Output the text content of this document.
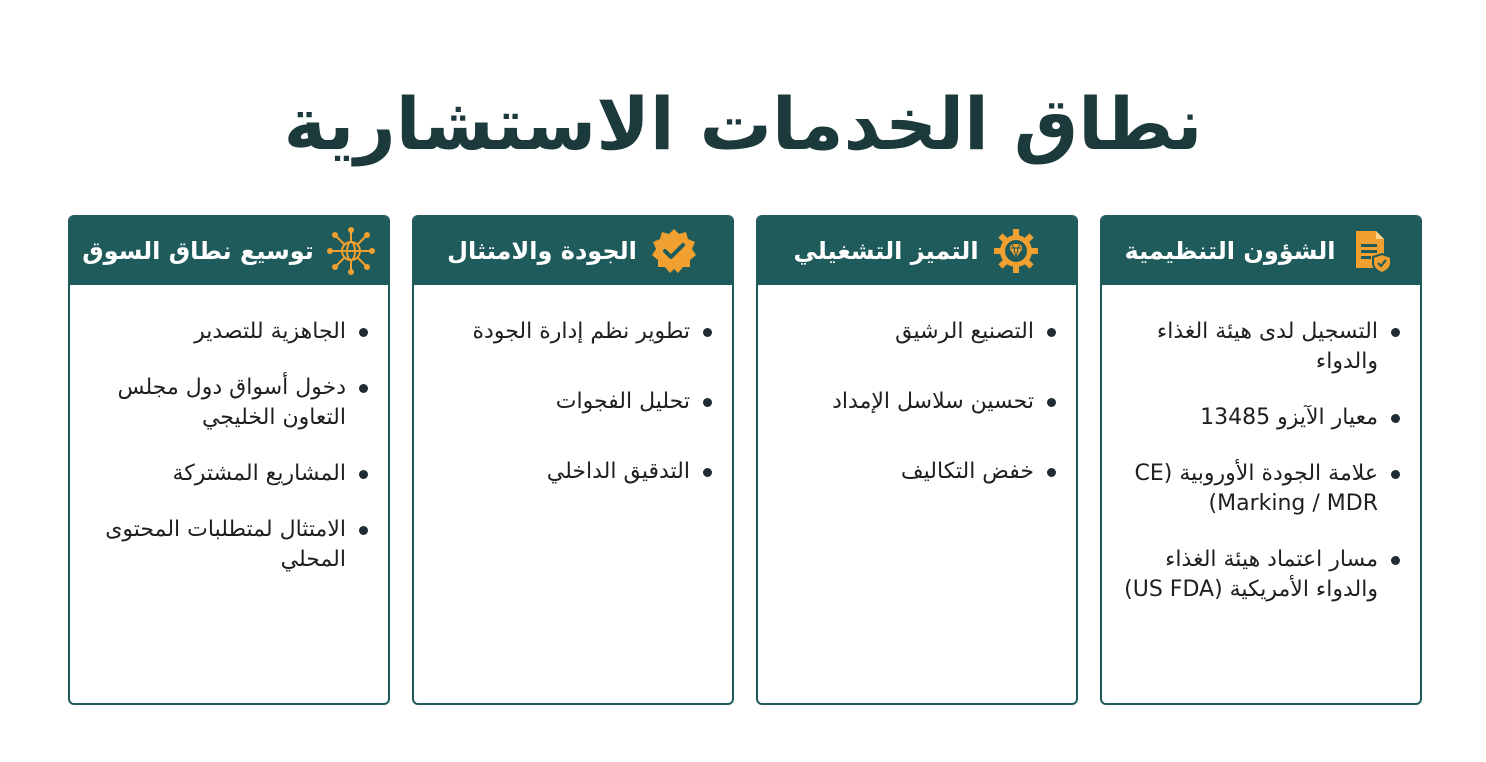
نطاق الخدمات الاستشارية
الشؤون التنظيمية
التسجيل لدى هيئة الغذاء والدواء
معيار الآيزو 13485
علامة الجودة الأوروبية (CE Marking / MDR)
مسار اعتماد هيئة الغذاء والدواء الأمريكية (US FDA)
التميز التشغيلي
التصنيع الرشيق
تحسين سلاسل الإمداد
خفض التكاليف
الجودة والامتثال
تطوير نظم إدارة الجودة
تحليل الفجوات
التدقيق الداخلي
توسيع نطاق السوق
الجاهزية للتصدير
دخول أسواق دول مجلس التعاون الخليجي
المشاريع المشتركة
الامتثال لمتطلبات المحتوى المحلي
